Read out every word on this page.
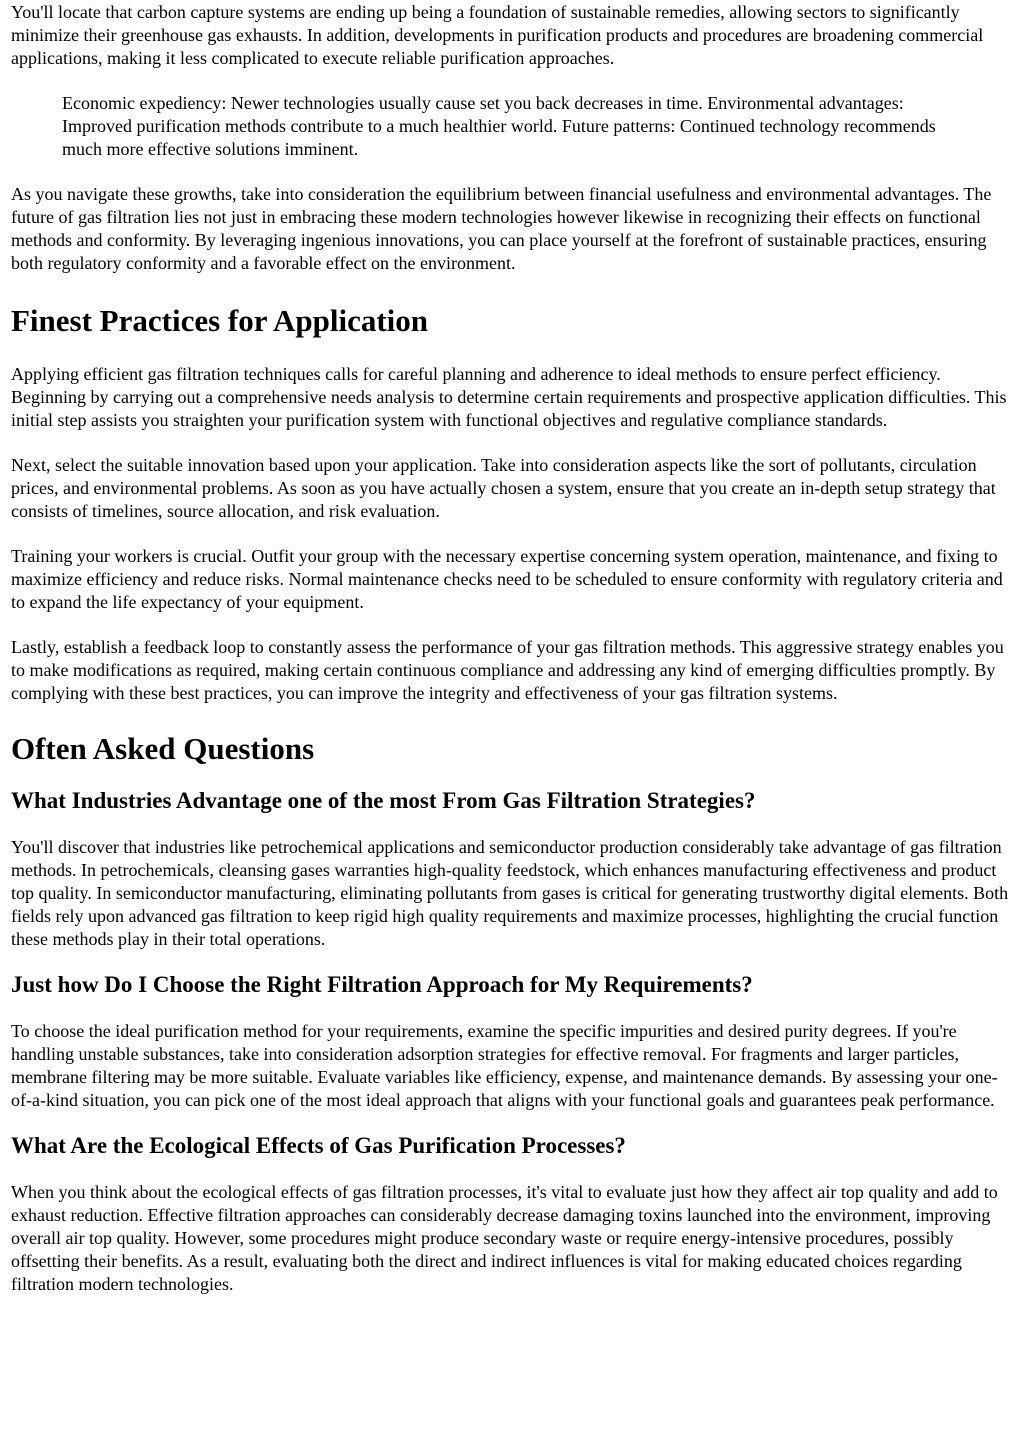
You'll locate that carbon capture systems are ending up being a foundation of sustainable remedies, allowing sectors to significantly minimize their greenhouse gas exhausts. In addition, developments in purification products and procedures are broadening commercial applications, making it less complicated to execute reliable purification approaches.

Economic expediency: Newer technologies usually cause set you back decreases in time. Environmental advantages: Improved purification methods contribute to a much healthier world. Future patterns: Continued technology recommends much more effective solutions imminent.

As you navigate these growths, take into consideration the equilibrium between financial usefulness and environmental advantages. The future of gas filtration lies not just in embracing these modern technologies however likewise in recognizing their effects on functional methods and conformity. By leveraging ingenious innovations, you can place yourself at the forefront of sustainable practices, ensuring both regulatory conformity and a favorable effect on the environment.

Finest Practices for Application

Applying efficient gas filtration techniques calls for careful planning and adherence to ideal methods to ensure perfect efficiency. Beginning by carrying out a comprehensive needs analysis to determine certain requirements and prospective application difficulties. This initial step assists you straighten your purification system with functional objectives and regulative compliance standards.

Next, select the suitable innovation based upon your application. Take into consideration aspects like the sort of pollutants, circulation prices, and environmental problems. As soon as you have actually chosen a system, ensure that you create an in-depth setup strategy that consists of timelines, source allocation, and risk evaluation.

Training your workers is crucial. Outfit your group with the necessary expertise concerning system operation, maintenance, and fixing to maximize efficiency and reduce risks. Normal maintenance checks need to be scheduled to ensure conformity with regulatory criteria and to expand the life expectancy of your equipment.

Lastly, establish a feedback loop to constantly assess the performance of your gas filtration methods. This aggressive strategy enables you to make modifications as required, making certain continuous compliance and addressing any kind of emerging difficulties promptly. By complying with these best practices, you can improve the integrity and effectiveness of your gas filtration systems.

Often Asked Questions
What Industries Advantage one of the most From Gas Filtration Strategies?

You'll discover that industries like petrochemical applications and semiconductor production considerably take advantage of gas filtration methods. In petrochemicals, cleansing gases warranties high-quality feedstock, which enhances manufacturing effectiveness and product top quality. In semiconductor manufacturing, eliminating pollutants from gases is critical for generating trustworthy digital elements. Both fields rely upon advanced gas filtration to keep rigid high quality requirements and maximize processes, highlighting the crucial function these methods play in their total operations.

Just how Do I Choose the Right Filtration Approach for My Requirements?

To choose the ideal purification method for your requirements, examine the specific impurities and desired purity degrees. If you're handling unstable substances, take into consideration adsorption strategies for effective removal. For fragments and larger particles, membrane filtering may be more suitable. Evaluate variables like efficiency, expense, and maintenance demands. By assessing your one-of-a-kind situation, you can pick one of the most ideal approach that aligns with your functional goals and guarantees peak performance.

What Are the Ecological Effects of Gas Purification Processes?

When you think about the ecological effects of gas filtration processes, it's vital to evaluate just how they affect air top quality and add to exhaust reduction. Effective filtration approaches can considerably decrease damaging toxins launched into the environment, improving overall air top quality. However, some procedures might produce secondary waste or require energy-intensive procedures, possibly offsetting their benefits. As a result, evaluating both the direct and indirect influences is vital for making educated choices regarding filtration modern technologies.
